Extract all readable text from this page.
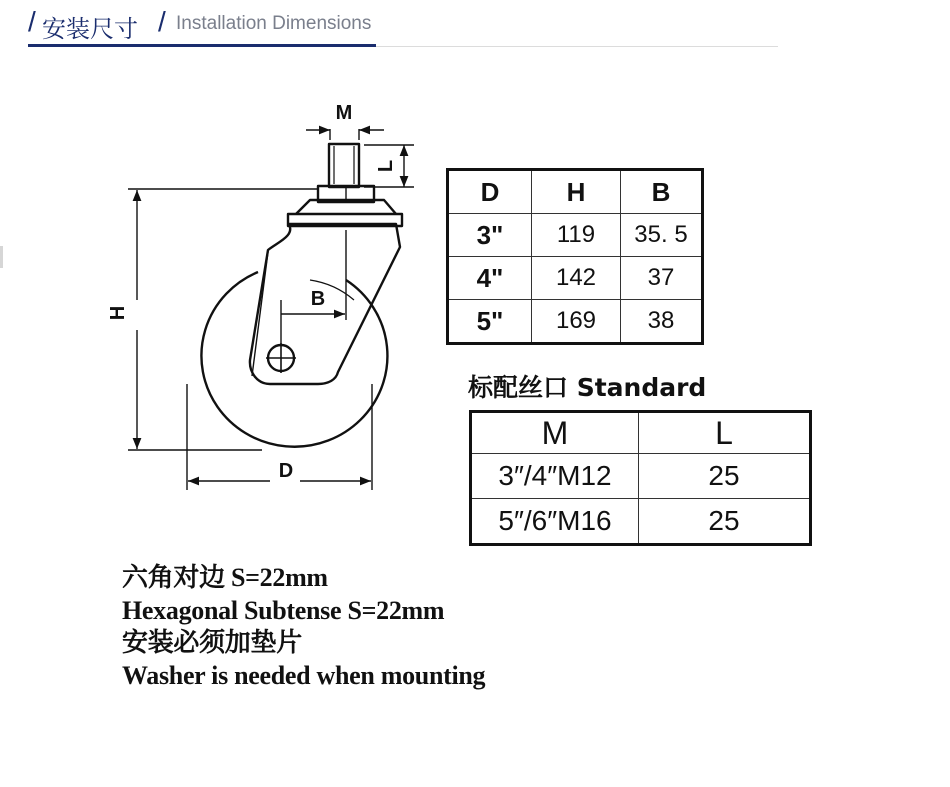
/ 安装尺寸 / Installation Dimensions
M
L
H
B
D
D	H	B
3"	119	35. 5
4"	142	37
5"	169	38
标配丝口 Standard
M	L
3″/4″M12	25
5″/6″M16	25
六角对边 S=22mm
Hexagonal Subtense S=22mm
安装必须加垫片
Washer is needed when mounting
